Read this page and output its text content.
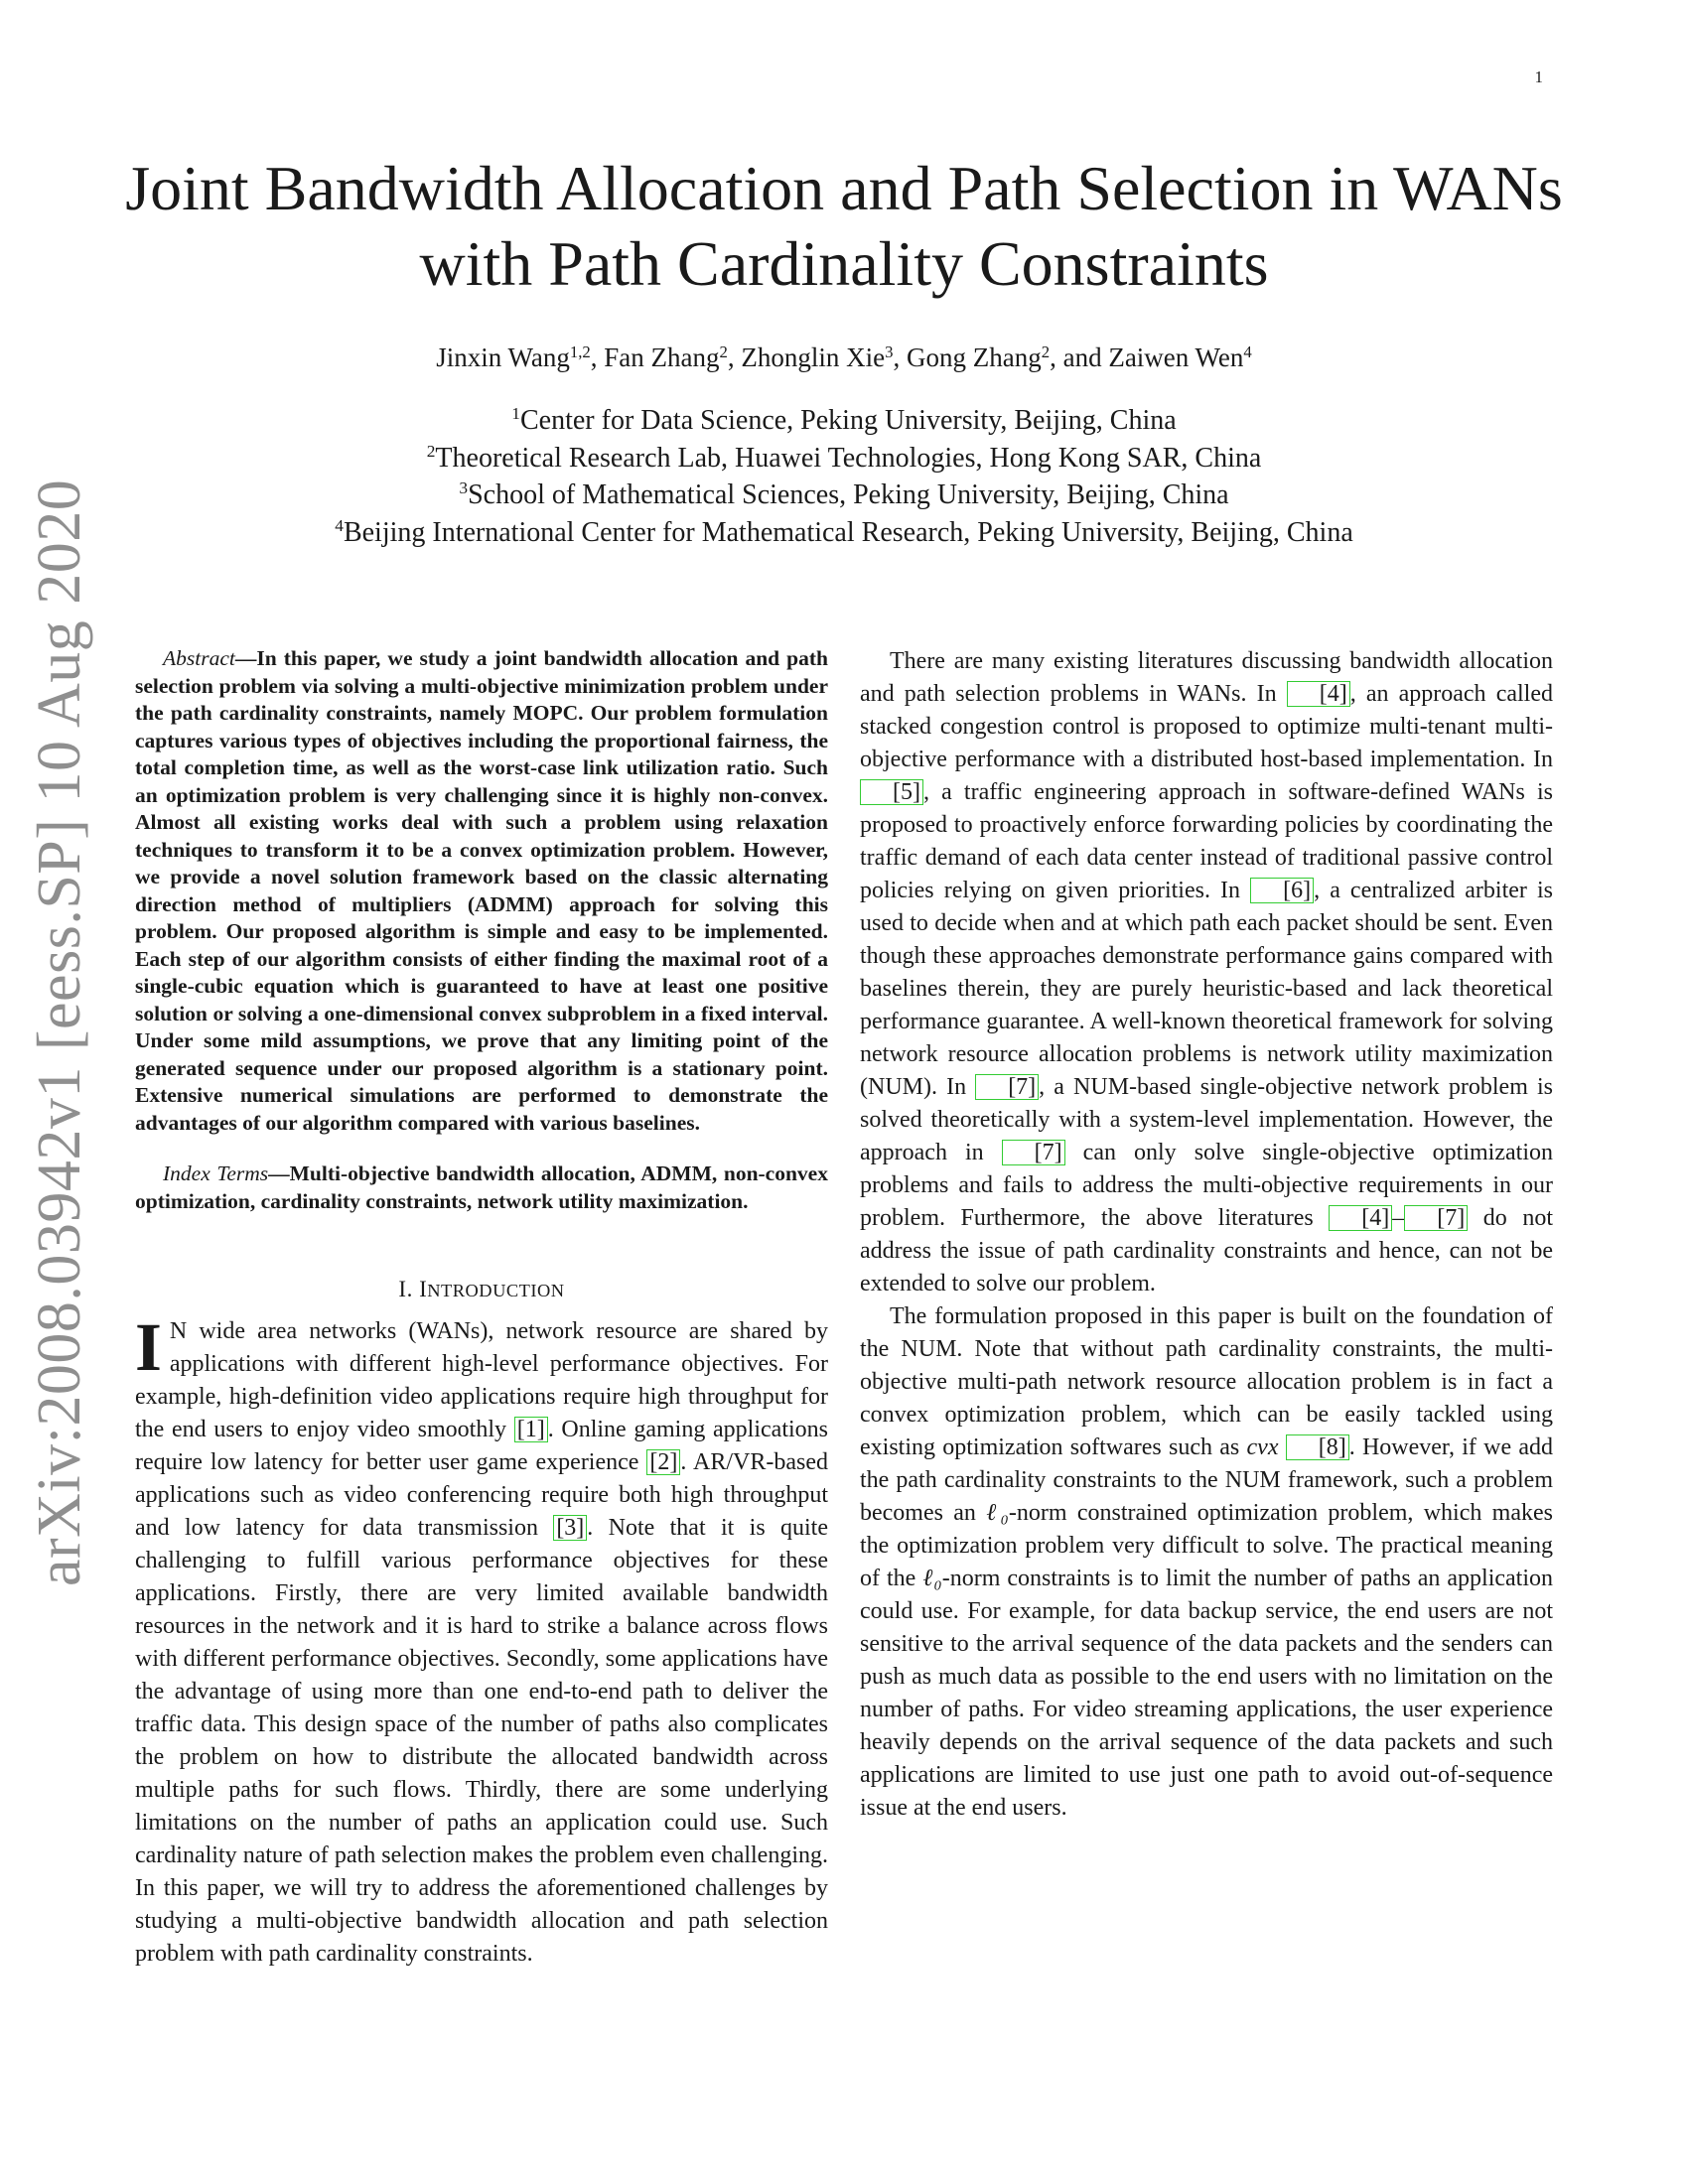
1
arXiv:2008.03942v1 [eess.SP] 10 Aug 2020
Joint Bandwidth Allocation and Path Selection in WANs with Path Cardinality Constraints
Jinxin Wang$^{1,2}$, Fan Zhang$^2$, Zhonglin Xie$^3$, Gong Zhang$^2$, and Zaiwen Wen$^4$
$^1$Center for Data Science, Peking University, Beijing, China
$^2$Theoretical Research Lab, Huawei Technologies, Hong Kong SAR, China
$^3$School of Mathematical Sciences, Peking University, Beijing, China
$^4$Beijing International Center for Mathematical Research, Peking University, Beijing, China

Abstract—In this paper, we study a joint bandwidth allocation and path selection problem via solving a multi-objective minimization problem under the path cardinality constraints, namely MOPC. Our problem formulation captures various types of objectives including the proportional fairness, the total completion time, as well as the worst-case link utilization ratio. Such an optimization problem is very challenging since it is highly non-convex. Almost all existing works deal with such a problem using relaxation techniques to transform it to be a convex optimization problem. However, we provide a novel solution framework based on the classic alternating direction method of multipliers (ADMM) approach for solving this problem. Our proposed algorithm is simple and easy to be implemented. Each step of our algorithm consists of either finding the maximal root of a single-cubic equation which is guaranteed to have at least one positive solution or solving a one-dimensional convex subproblem in a fixed interval. Under some mild assumptions, we prove that any limiting point of the generated sequence under our proposed algorithm is a stationary point. Extensive numerical simulations are performed to demonstrate the advantages of our algorithm compared with various baselines.

Index Terms—Multi-objective bandwidth allocation, ADMM, non-convex optimization, cardinality constraints, network utility maximization.

I. INTRODUCTION

I N wide area networks (WANs), network resource are shared by applications with different high-level performance objectives. For example, high-definition video applications require high throughput for the end users to enjoy video smoothly [1] . Online gaming applications require low latency for better user game experience [2] . AR/VR-based applications such as video conferencing require both high throughput and low latency for data transmission [3] . Note that it is quite challenging to fulfill various performance objectives for these applications. Firstly, there are very limited available bandwidth resources in the network and it is hard to strike a balance across flows with different performance objectives. Secondly, some applications have the advantage of using more than one end-to-end path to deliver the traffic data. This design space of the number of paths also complicates the problem on how to distribute the allocated bandwidth across multiple paths for such flows. Thirdly, there are some underlying limitations on the number of paths an application could use. Such cardinality nature of path selection makes the problem even challenging. In this paper, we will try to address the aforementioned challenges by studying a multi-objective bandwidth allocation and path selection problem with path cardinality constraints.

There are many existing literatures discussing bandwidth allocation and path selection problems in WANs. In [4] , an approach called stacked congestion control is proposed to optimize multi-tenant multi-objective performance with a distributed host-based implementation. In [5] , a traffic engineering approach in software-defined WANs is proposed to proactively enforce forwarding policies by coordinating the traffic demand of each data center instead of traditional passive control policies relying on given priorities. In [6] , a centralized arbiter is used to decide when and at which path each packet should be sent. Even though these approaches demonstrate performance gains compared with baselines therein, they are purely heuristic-based and lack theoretical performance guarantee. A well-known theoretical framework for solving network resource allocation problems is network utility maximization (NUM). In [7] , a NUM-based single-objective network problem is solved theoretically with a system-level implementation. However, the approach in [7] can only solve single-objective optimization problems and fails to address the multi-objective requirements in our problem. Furthermore, the above literatures [4] – [7] do not address the issue of path cardinality constraints and hence, can not be extended to solve our problem.

The formulation proposed in this paper is built on the foundation of the NUM. Note that without path cardinality constraints, the multi-objective multi-path network resource allocation problem is in fact a convex optimization problem, which can be easily tackled using existing optimization softwares such as cvx [8] . However, if we add the path cardinality constraints to the NUM framework, such a problem becomes an ℓ₀-norm constrained optimization problem, which makes the optimization problem very difficult to solve. The practical meaning of the ℓ₀-norm constraints is to limit the number of paths an application could use. For example, for data backup service, the end users are not sensitive to the arrival sequence of the data packets and the senders can push as much data as possible to the end users with no limitation on the number of paths. For video streaming applications, the user experience heavily depends on the arrival sequence of the data packets and such applications are limited to use just one path to avoid out-of-sequence issue at the end users.
